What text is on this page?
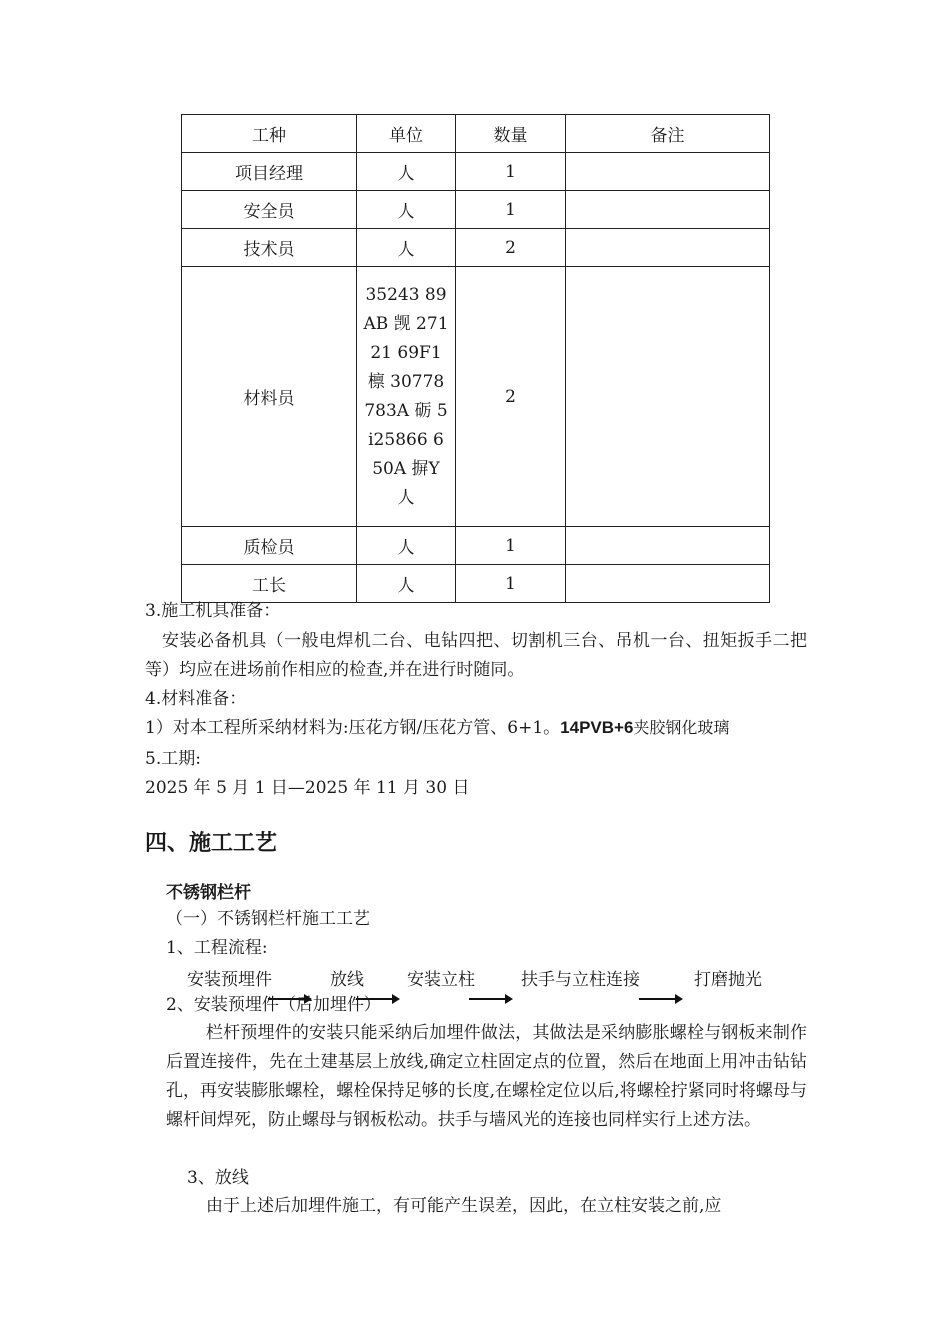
工种	单位	数量	备注
项目经理	人	1	
安全员	人	1	
技术员	人	2	
材料员	35243 89AB 觊 27121 69F1 檩 30778 783A 砺 5i25866 650A 摒Y 人	2	
质检员	人	1	
工长	人	1	
3.施工机具准备：
安装必备机具（一般电焊机二台、电钻四把、切割机三台、吊机一台、扭矩扳手二把等）均应在进场前作相应的检查,并在进行时随同。
4.材料准备：
1）对本工程所采纳材料为:压花方钢/压花方管、6+1。14PVB+6夹胶钢化玻璃
5.工期:
2025 年 5 月 1 日—2025 年 11 月 30 日
四、施工工艺
不锈钢栏杆
（一）不锈钢栏杆施工工艺
1、工程流程:
安装预埋件	放线	安装立柱	扶手与立柱连接	打磨抛光
2、安装预埋件（后加埋件）
栏杆预埋件的安装只能采纳后加埋件做法，其做法是采纳膨胀螺栓与钢板来制作后置连接件，先在土建基层上放线,确定立柱固定点的位置，然后在地面上用冲击钻钻孔，再安装膨胀螺栓，螺栓保持足够的长度,在螺栓定位以后,将螺栓拧紧同时将螺母与螺杆间焊死，防止螺母与钢板松动。扶手与墙风光的连接也同样实行上述方法。
3、放线
由于上述后加埋件施工，有可能产生误差，因此，在立柱安装之前,应
